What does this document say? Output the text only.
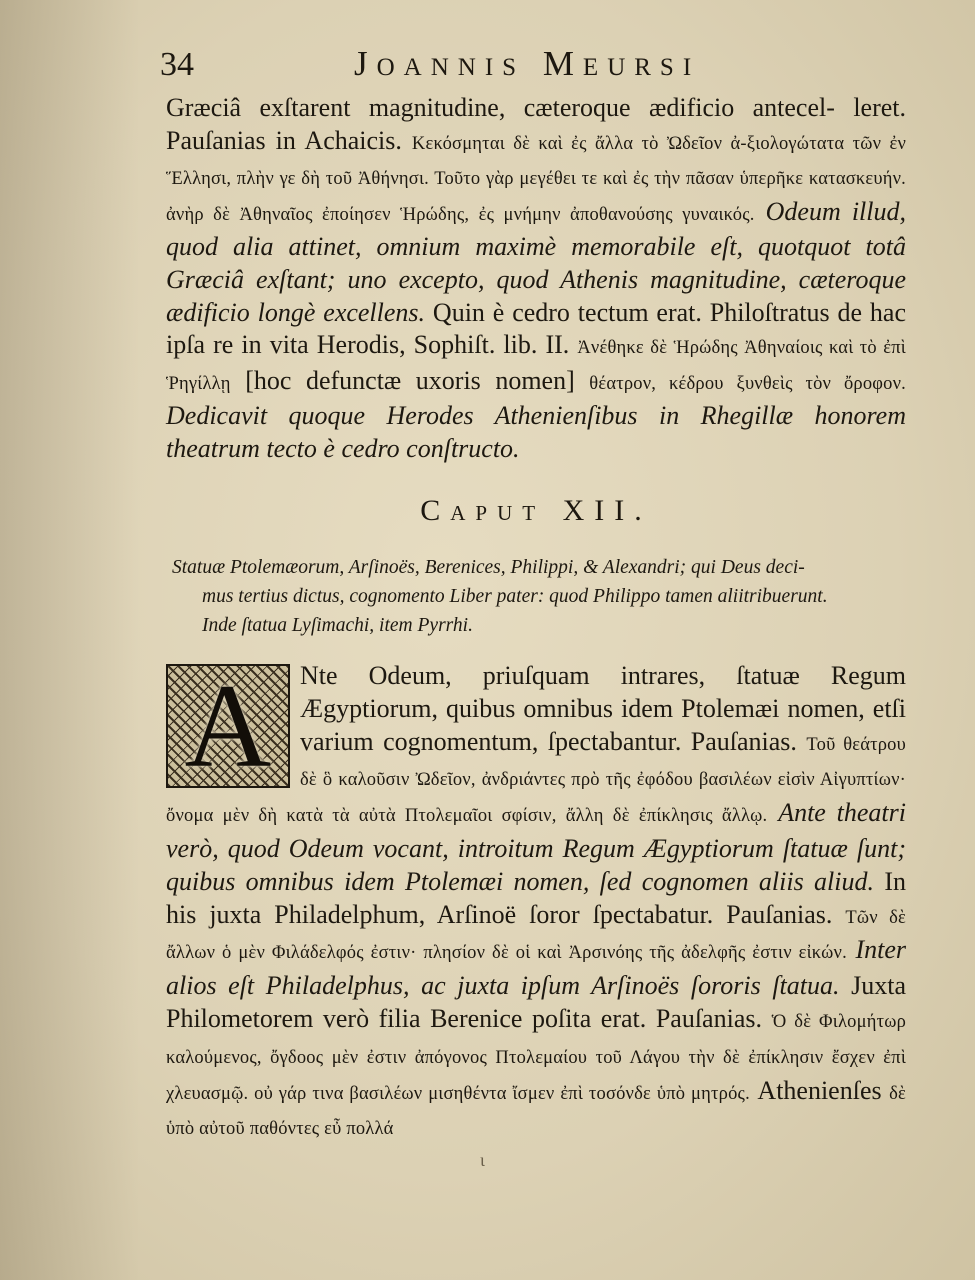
34	Joannis Meursi

Græciâ exſtarent magnitudine, cæteroque ædificio antecel- leret. Pauſanias in Achaicis. Κεκόσμηται δὲ καὶ ἐς ἄλλα τὸ Ὠδεῖον ἀ-ξιολογώτατα τῶν ἐν Ἕλλησι, πλὴν γε δὴ τοῦ Ἀθήνησι. Τοῦτο γὰρ μεγέθει τε καὶ ἐς τὴν πᾶσαν ὑπερῆκε κατασκευήν. ἀνὴρ δὲ Ἀθηναῖος ἐποίησεν Ἡρώδης, ἐς μνήμην ἀποθανούσης γυναικός. Odeum illud, quod alia attinet, omnium maximè memorabile eſt, quotquot totâ Græciâ exſtant; uno excepto, quod Athenis magnitudine, cæteroque ædificio longè excellens. Quin è cedro tectum erat. Philoſtratus de hac ipſa re in vita Herodis, Sophiſt. lib. II. Ἀνέθηκε δὲ Ἡρώδης Ἀθηναίοις καὶ τὸ ἐπὶ Ῥηγίλλῃ [hoc defunctæ uxoris nomen] θέατρον, κέδρου ξυνθεὶς τὸν ὄροφον. Dedicavit quoque Herodes Athenienſibus in Rhegillæ honorem theatrum tecto è cedro conſtructo.

Caput XII.
Statuæ Ptolemæorum, Arſinoës, Berenices, Philippi, & Alexandri; qui Deus deci-
mus tertius dictus, cognomento Liber pater: quod Philippo tamen aliitribuerunt.
Inde ſtatua Lyſimachi, item Pyrrhi.
A	Nte Odeum, priuſquam intrares, ſtatuæ Regum Ægyptiorum, quibus omnibus idem Ptolemæi nomen, etſi varium cognomentum, ſpectabantur. Pauſanias. Τοῦ θεάτρου δὲ ὃ καλοῦσιν Ὠδεῖον, ἀνδριάντες πρὸ τῆς ἐφόδου βασιλέων εἰσὶν Αἰγυπτίων· ὄνομα μὲν δὴ κατὰ τὰ αὐτὰ Πτολεμαῖοι σφίσιν, ἄλλη δὲ ἐπίκλησις ἄλλῳ. Ante theatri verò, quod Odeum vocant, introitum Regum Ægyptiorum ſtatuæ ſunt; quibus omnibus idem Ptolemæi nomen, ſed cognomen aliis aliud. In his juxta Philadelphum, Arſinoë ſoror ſpectabatur. Pauſanias. Τῶν δὲ ἄλλων ὁ μὲν Φιλάδελφός ἐστιν· πλησίον δὲ οἱ καὶ Ἀρσινόης τῆς ἀδελφῆς ἐστιν εἰκών. Inter alios eſt Philadelphus, ac juxta ipſum Arſinoës ſororis ſtatua. Juxta Philometorem verò filia Berenice poſita erat. Pauſanias. Ὁ δὲ Φιλομήτωρ καλούμενος, ὄγδοος μὲν ἐστιν ἀπόγονος Πτολεμαίου τοῦ Λάγου τὴν δὲ ἐπίκλησιν ἔσχεν ἐπὶ χλευασμῷ. οὐ γάρ τινα βασιλέων μισηθέντα ἴσμεν ἐπὶ τοσόνδε ὑπὸ μητρός. Athenienſes δὲ ὑπὸ αὐτοῦ παθόντες εὖ πολλά
ι
